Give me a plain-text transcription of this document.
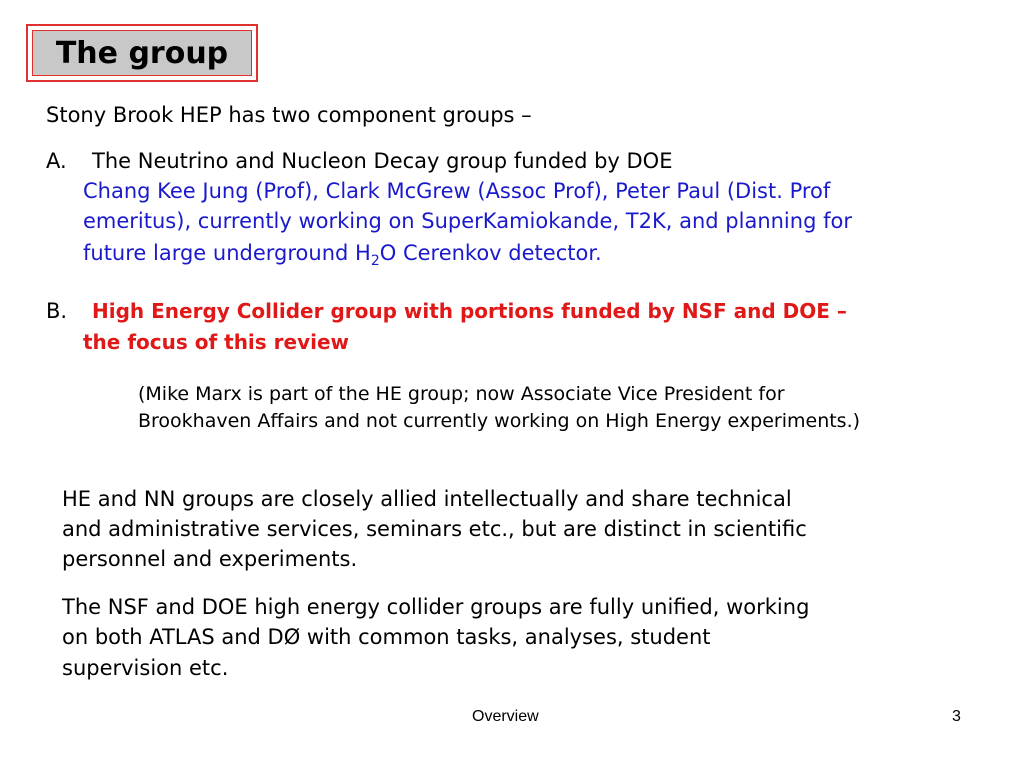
The group
Stony Brook HEP has two component groups –
A. The Neutrino and Nucleon Decay group funded by DOE
Chang Kee Jung (Prof), Clark McGrew (Assoc Prof), Peter Paul (Dist. Prof
emeritus), currently working on SuperKamiokande, T2K, and planning for
future large underground $H_2O$ Cerenkov detector.
B. High Energy Collider group with portions funded by NSF and DOE –
the focus of this review
(Mike Marx is part of the HE group; now Associate Vice President for
Brookhaven Affairs and not currently working on High Energy experiments.)
HE and NN groups are closely allied intellectually and share technical
and administrative services, seminars etc., but are distinct in scientific
personnel and experiments.
The NSF and DOE high energy collider groups are fully unified, working
on both ATLAS and DØ with common tasks, analyses, student
supervision etc.
Overview	3
